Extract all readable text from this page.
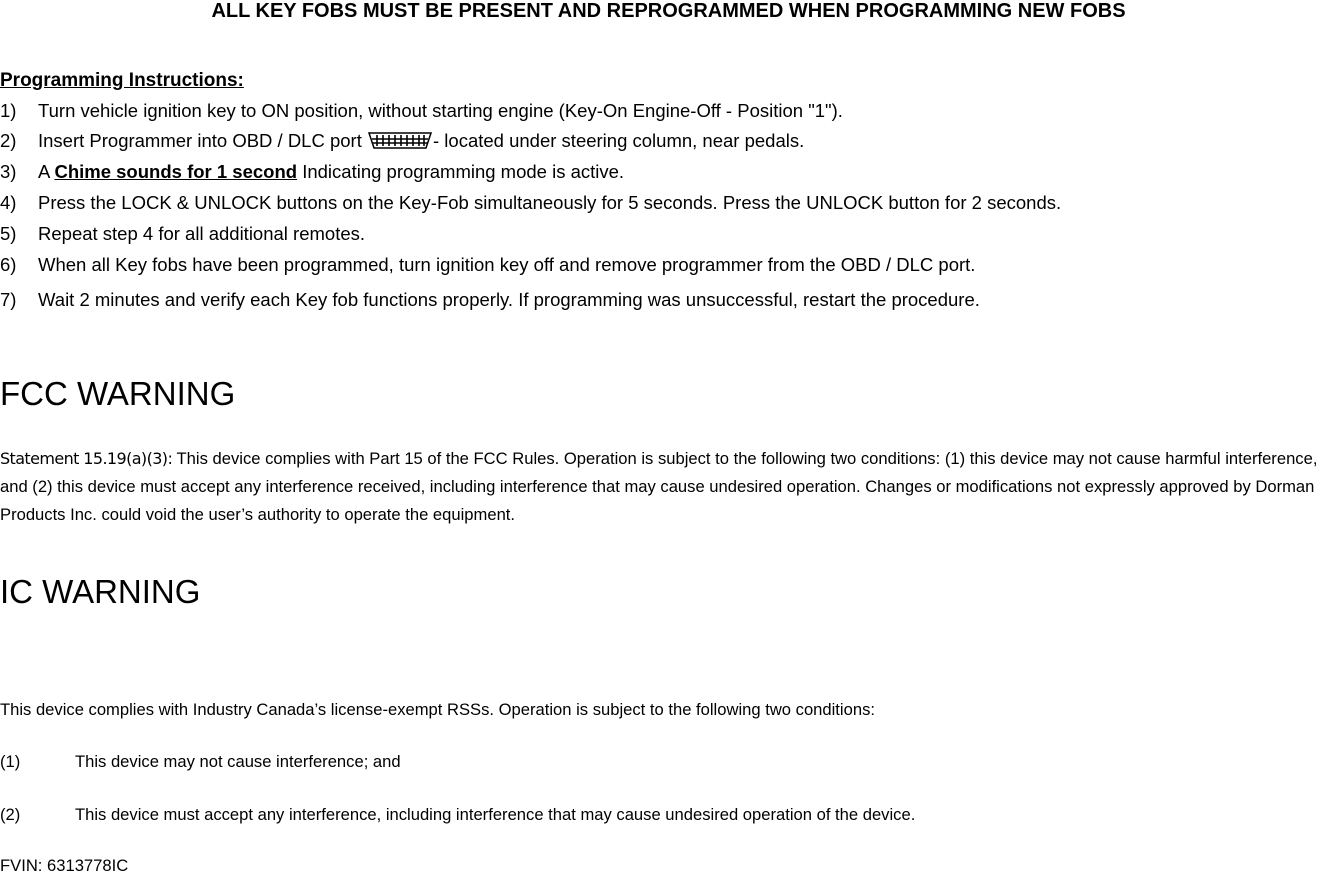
ALL KEY FOBS MUST BE PRESENT AND REPROGRAMMED WHEN PROGRAMMING NEW FOBS
Programming Instructions:
1) Turn vehicle ignition key to ON position, without starting engine (Key-On Engine-Off - Position "1").
2) Insert Programmer into OBD / DLC port	- located under steering column, near pedals.
3) A Chime sounds for 1 second Indicating programming mode is active.
4) Press the LOCK & UNLOCK buttons on the Key-Fob simultaneously for 5 seconds. Press the UNLOCK button for 2 seconds.
5) Repeat step 4 for all additional remotes.
6) When all Key fobs have been programmed, turn ignition key off and remove programmer from the OBD / DLC port.
7) Wait 2 minutes and verify each Key fob functions properly. If programming was unsuccessful, restart the procedure.
FCC WARNING
Statement 15.19(a)(3): This device complies with Part 15 of the FCC Rules. Operation is subject to the following two conditions: (1) this device may not cause harmful interference, and (2) this device must accept any interference received, including interference that may cause undesired operation. Changes or modifications not expressly approved by Dorman Products Inc. could void the user’s authority to operate the equipment.
IC WARNING
This device complies with Industry Canada’s license-exempt RSSs. Operation is subject to the following two conditions:
(1)	This device may not cause interference; and
(2)	This device must accept any interference, including interference that may cause undesired operation of the device.
FVIN: 6313778IC
